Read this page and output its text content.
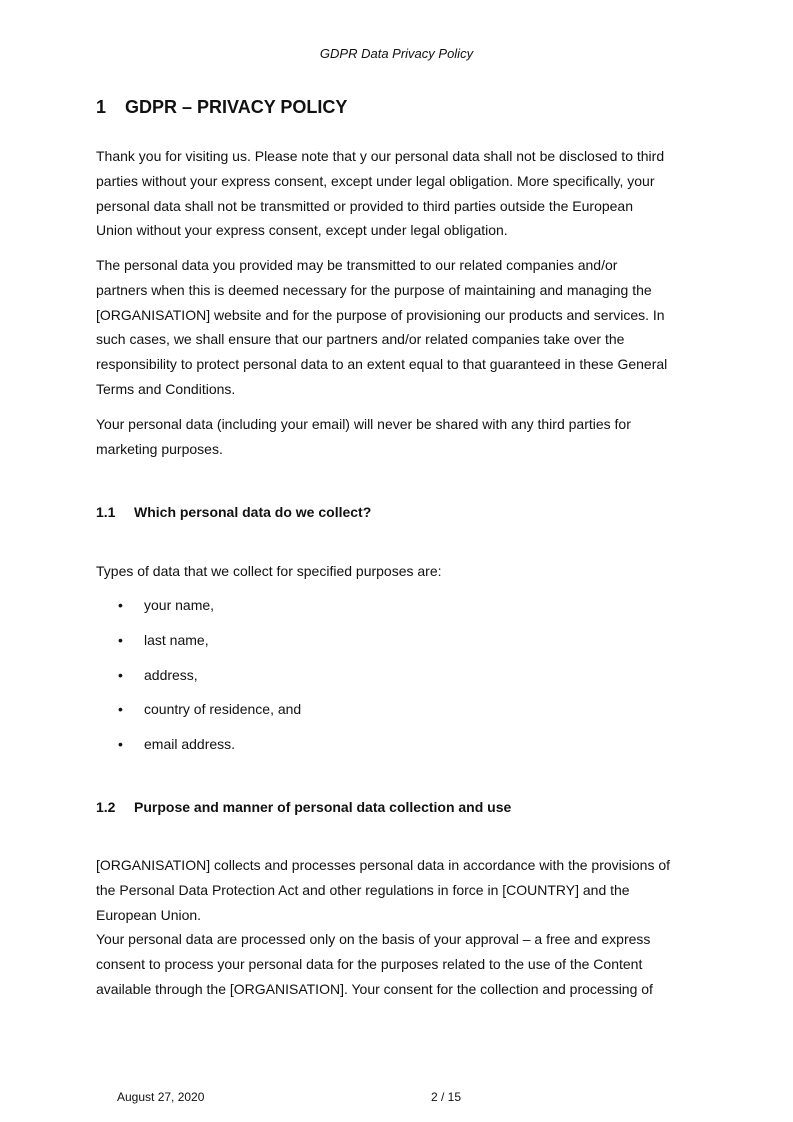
GDPR Data Privacy Policy
1 GDPR – PRIVACY POLICY
Thank you for visiting us. Please note that y our personal data shall not be disclosed to third
parties without your express consent, except under legal obligation. More specifically, your
personal data shall not be transmitted or provided to third parties outside the European
Union without your express consent, except under legal obligation.
The personal data you provided may be transmitted to our related companies and/or
partners when this is deemed necessary for the purpose of maintaining and managing the
[ORGANISATION] website and for the purpose of provisioning our products and services. In
such cases, we shall ensure that our partners and/or related companies take over the
responsibility to protect personal data to an extent equal to that guaranteed in these General
Terms and Conditions.
Your personal data (including your email) will never be shared with any third parties for
marketing purposes.
1.1 Which personal data do we collect?
Types of data that we collect for specified purposes are:
• your name,
• last name,
• address,
• country of residence, and
• email address.
1.2 Purpose and manner of personal data collection and use
[ORGANISATION] collects and processes personal data in accordance with the provisions of
the Personal Data Protection Act and other regulations in force in [COUNTRY] and the
European Union.
Your personal data are processed only on the basis of your approval – a free and express
consent to process your personal data for the purposes related to the use of the Content
available through the [ORGANISATION]. Your consent for the collection and processing of
August 27, 2020	2 / 15
